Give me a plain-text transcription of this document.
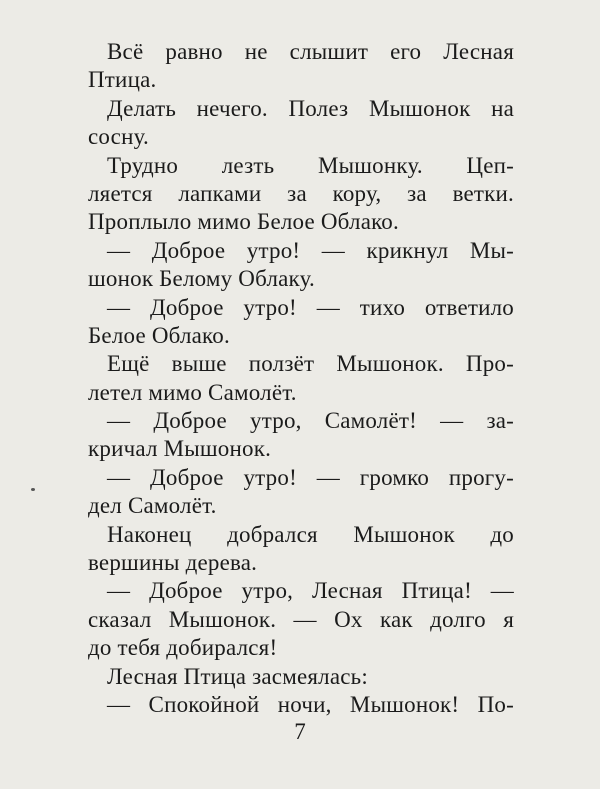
Всё равно не слышит его Лесная
Птица.
Делать нечего. Полез Мышонок на
сосну.
Трудно лезть Мышонку. Цеп-
ляется лапками за кору, за ветки.
Проплыло мимо Белое Облако.
— Доброе утро! — крикнул Мы-
шонок Белому Облаку.
— Доброе утро! — тихо ответило
Белое Облако.
Ещё выше ползёт Мышонок. Про-
летел мимо Самолёт.
— Доброе утро, Самолёт! — за-
кричал Мышонок.
— Доброе утро! — громко прогу-
дел Самолёт.
Наконец добрался Мышонок до
вершины дерева.
— Доброе утро, Лесная Птица! —
сказал Мышонок. — Ох как долго я
до тебя добирался!
Лесная Птица засмеялась:
— Спокойной ночи, Мышонок! По-
7
